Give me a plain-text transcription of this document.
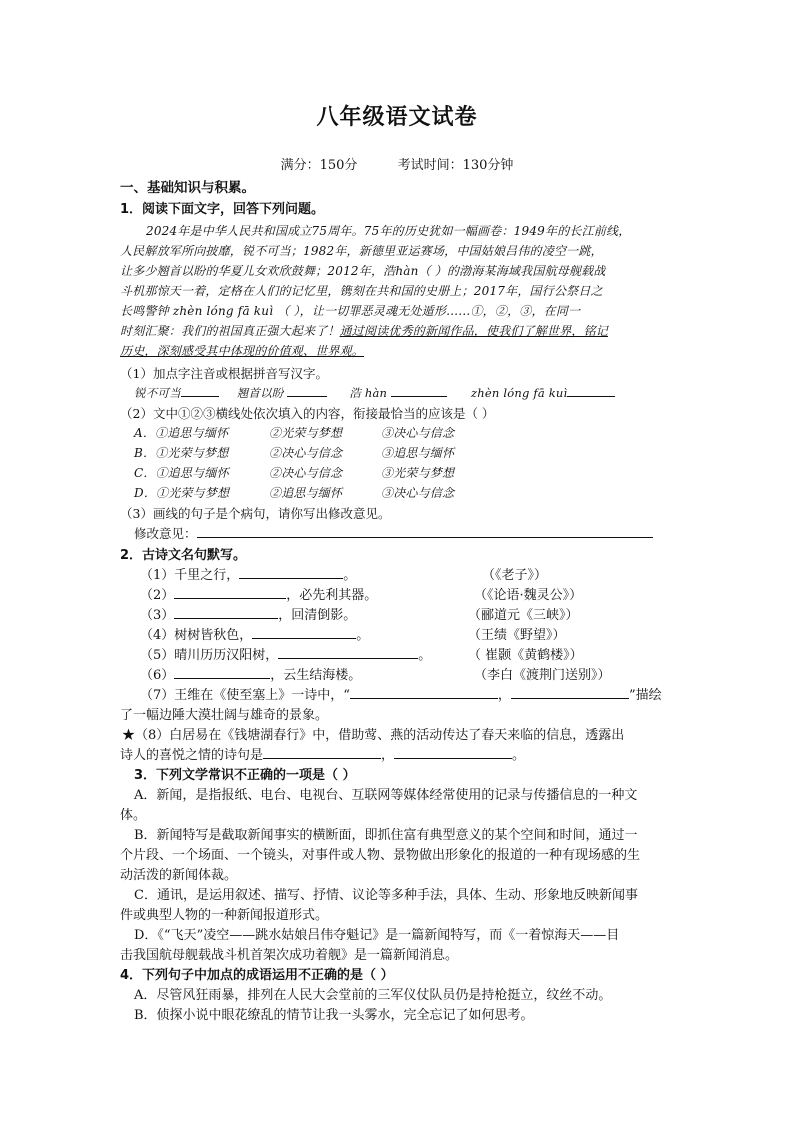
八年级语文试卷
满分：150分	考试时间：130分钟
一、基础知识与积累。
1．阅读下面文字，回答下列问题。
2024年是中华人民共和国成立75周年。75年的历史犹如一幅画卷：1949年的长江前线，
人民解放军所向披靡，锐不可当；1982年，新德里亚运赛场，中国姑娘吕伟的凌空一跳，
让多少翘首以盼的华夏儿女欢欣鼓舞；2012年，浩hàn（ ）的渤海某海域我国航母舰载战
斗机那惊天一着，定格在人们的记忆里，镌刻在共和国的史册上；2017年，国行公祭日之
长鸣警钟 zhèn lóng fā kuì （ ），让一切罪恶灵魂无处遁形……①，②，③，在同一
时刻汇聚：我们的祖国真正强大起来了！通过阅读优秀的新闻作品，使我们了解世界，铭记
历史，深刻感受其中体现的价值观、世界观。
（1）加点字注音或根据拼音写汉字。
锐不可当	翘首以盼	浩 hàn	zhèn lóng fā kuì
（2）文中①②③横线处依次填入的内容，衔接最恰当的应该是（ ）
A．①追思与缅怀	②光荣与梦想	③决心与信念
B．①光荣与梦想	②决心与信念	③追思与缅怀
C．①追思与缅怀	②决心与信念	③光荣与梦想
D．①光荣与梦想	②追思与缅怀	③决心与信念
（3）画线的句子是个病句，请你写出修改意见。
修改意见：
2．古诗文名句默写。
（1）千里之行，	。	（《老子》）
（2）	，必先利其器。	（《论语·魏灵公》）
（3）	，回清倒影。	（郦道元《三峡》）
（4）树树皆秋色，	。	（王绩《野望》）
（5）晴川历历汉阳树，	。	（ 崔颢《黄鹤楼》）
（6）	，云生结海楼。	（李白《渡荆门送别》）
（7）王维在《使至塞上》一诗中，“	，	”描绘
了一幅边陲大漠壮阔与雄奇的景象。
★（8）白居易在《钱塘湖春行》中，借助莺、燕的活动传达了春天来临的信息，透露出
诗人的喜悦之情的诗句是	，	。
3．下列文学常识不正确的一项是（ ）
A．新闻，是指报纸、电台、电视台、互联网等媒体经常使用的记录与传播信息的一种文
体。
B．新闻特写是截取新闻事实的横断面，即抓住富有典型意义的某个空间和时间，通过一
个片段、一个场面、一个镜头，对事件或人物、景物做出形象化的报道的一种有现场感的生
动活泼的新闻体裁。
C．通讯，是运用叙述、描写、抒情、议论等多种手法，具体、生动、形象地反映新闻事
件或典型人物的一种新闻报道形式。
D．《“飞天”凌空——跳水姑娘吕伟夺魁记》是一篇新闻特写，而《一着惊海天——目
击我国航母舰载战斗机首架次成功着舰》是一篇新闻消息。
4．下列句子中加点的成语运用不正确的是（ ）
A．尽管风狂雨暴，排列在人民大会堂前的三军仪仗队员仍是持枪挺立，纹丝不动。
B．侦探小说中眼花缭乱的情节让我一头雾水，完全忘记了如何思考。
